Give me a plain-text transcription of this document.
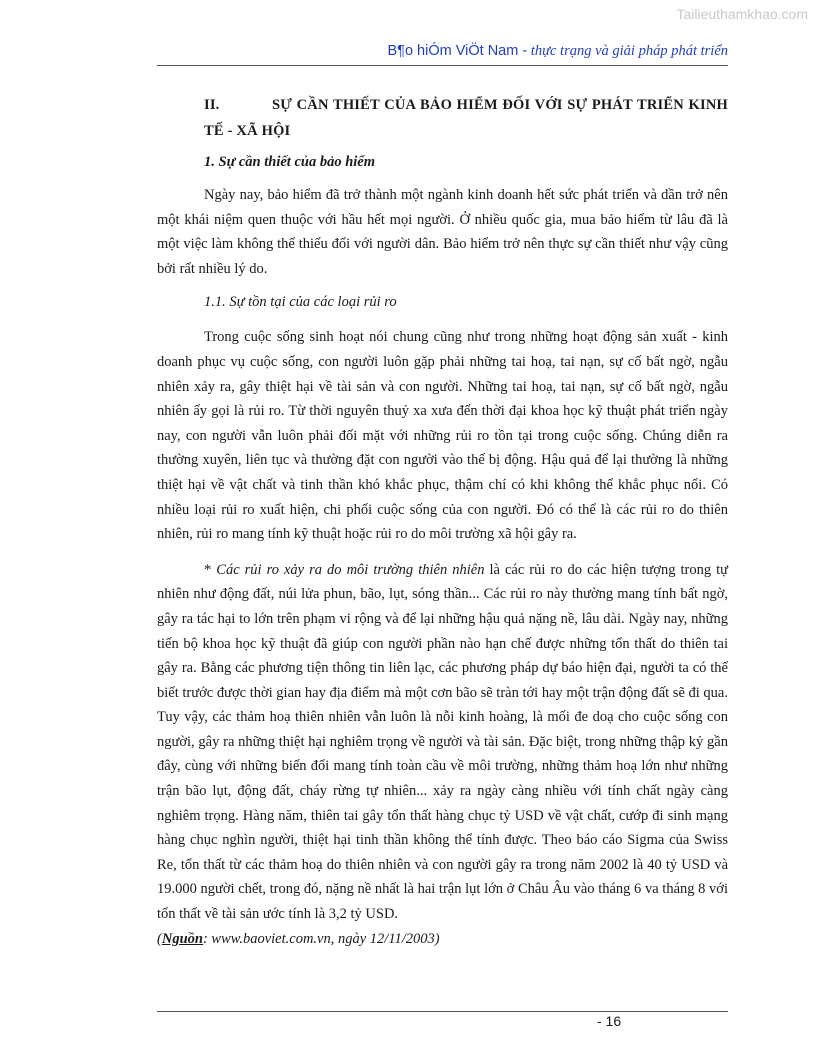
Tailieuthamkhao.com
B¶o hiÓm ViÖt Nam - thực trạng và giải pháp phát triển
II.	SỰ CẦN THIẾT CỦA BẢO HIỂM ĐỐI VỚI SỰ PHÁT TRIỂN KINH TẾ - XÃ HỘI
1. Sự cần thiết của bảo hiểm

Ngày nay, bảo hiểm đã trở thành một ngành kinh doanh hết sức phát triển và dần trở nên một khái niệm quen thuộc với hầu hết mọi người. Ở nhiều quốc gia, mua bảo hiểm từ lâu đã là một việc làm không thể thiếu đối với người dân. Bảo hiểm trở nên thực sự cần thiết như vậy cũng bởi rất nhiều lý do.

1.1. Sự tồn tại của các loại rủi ro

Trong cuộc sống sinh hoạt nói chung cũng như trong những hoạt động sản xuất - kinh doanh phục vụ cuộc sống, con người luôn gặp phải những tai hoạ, tai nạn, sự cố bất ngờ, ngẫu nhiên xảy ra, gây thiệt hại về tài sản và con người. Những tai hoạ, tai nạn, sự cố bất ngờ, ngẫu nhiên ấy gọi là rủi ro. Từ thời nguyên thuỷ xa xưa đến thời đại khoa học kỹ thuật phát triển ngày nay, con người vẫn luôn phải đối mặt với những rủi ro tồn tại trong cuộc sống. Chúng diễn ra thường xuyên, liên tục và thường đặt con người vào thế bị động. Hậu quả để lại thường là những thiệt hại về vật chất và tinh thần khó khắc phục, thậm chí có khi không thể khắc phục nổi. Có nhiều loại rủi ro xuất hiện, chi phối cuộc sống của con người. Đó có thể là các rủi ro do thiên nhiên, rủi ro mang tính kỹ thuật hoặc rủi ro do môi trường xã hội gây ra.

* Các rủi ro xảy ra do môi trường thiên nhiên là các rủi ro do các hiện tượng trong tự nhiên như động đất, núi lửa phun, bão, lụt, sóng thần... Các rủi ro này thường mang tính bất ngờ, gây ra tác hại to lớn trên phạm vi rộng và để lại những hậu quả nặng nề, lâu dài. Ngày nay, những tiến bộ khoa học kỹ thuật đã giúp con người phần nào hạn chế được những tổn thất do thiên tai gây ra. Bằng các phương tiện thông tin liên lạc, các phương pháp dự báo hiện đại, người ta có thể biết trước được thời gian hay địa điểm mà một cơn bão sẽ tràn tới hay một trận động đất sẽ đi qua. Tuy vậy, các thảm hoạ thiên nhiên vẫn luôn là nỗi kinh hoàng, là mối đe doạ cho cuộc sống con người, gây ra những thiệt hại nghiêm trọng về người và tài sản. Đặc biệt, trong những thập kỷ gần đây, cùng với những biến đổi mang tính toàn cầu về môi trường, những thảm hoạ lớn như những trận bão lụt, động đất, cháy rừng tự nhiên... xảy ra ngày càng nhiều với tính chất ngày càng nghiêm trọng. Hàng năm, thiên tai gây tổn thất hàng chục tỷ USD về vật chất, cướp đi sinh mạng hàng chục nghìn người, thiệt hại tinh thần không thể tính được. Theo báo cáo Sigma của Swiss Re, tổn thất từ các thảm hoạ do thiên nhiên và con người gây ra trong năm 2002 là 40 tỷ USD và 19.000 người chết, trong đó, nặng nề nhất là hai trận lụt lớn ở Châu Âu vào tháng 6 va tháng 8 với tổn thất về tài sản ước tính là 3,2 tỷ USD.

(Nguồn: www.baoviet.com.vn, ngày 12/11/2003)

- 16
